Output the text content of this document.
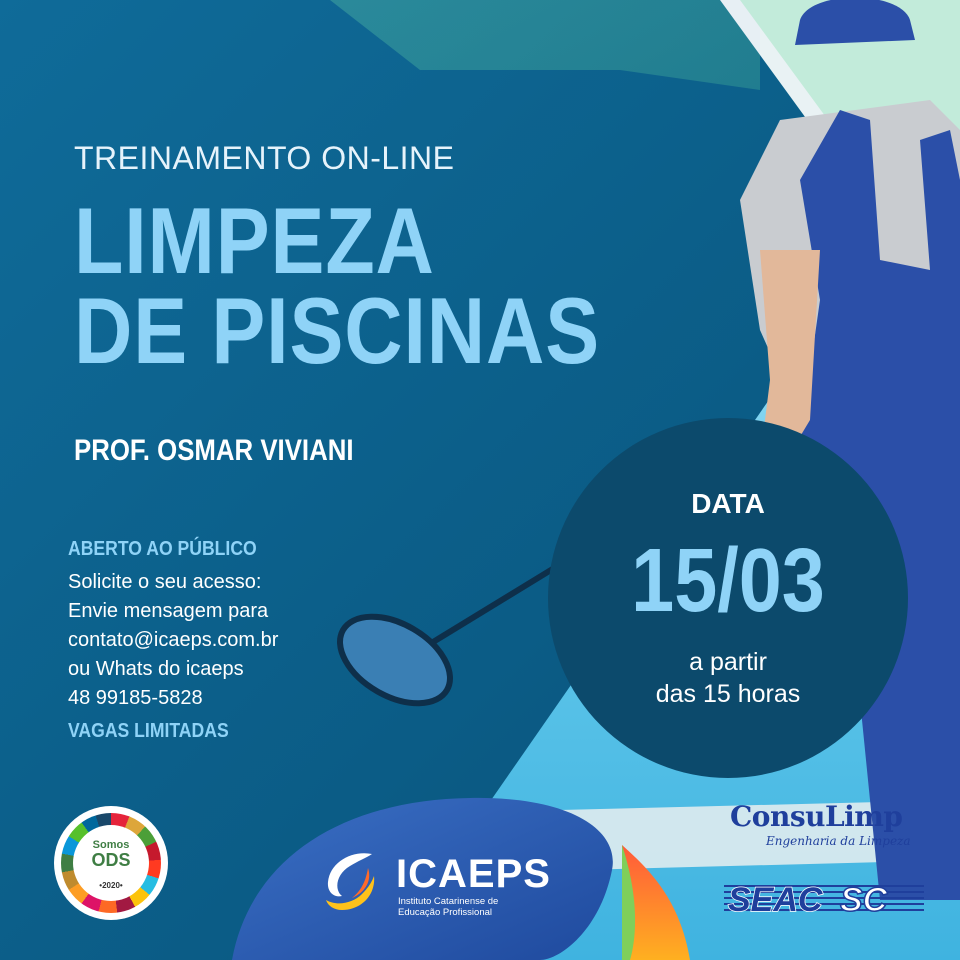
TREINAMENTO ON-LINE
LIMPEZA
DE PISCINAS
PROF. OSMAR VIVIANI
ABERTO AO PÚBLICO
Solicite o seu acesso:
Envie mensagem para
contato@icaeps.com.br
ou Whats do icaeps
48 99185-5828
VAGAS LIMITADAS
DATA
15/03
a partir
das 15 horas
Somos
ODS
•2020•	ICAEPS
Instituto Catarinense de
Educação Profissional
ConsuLimp
Engenharia da Limpeza
SEAC SC
